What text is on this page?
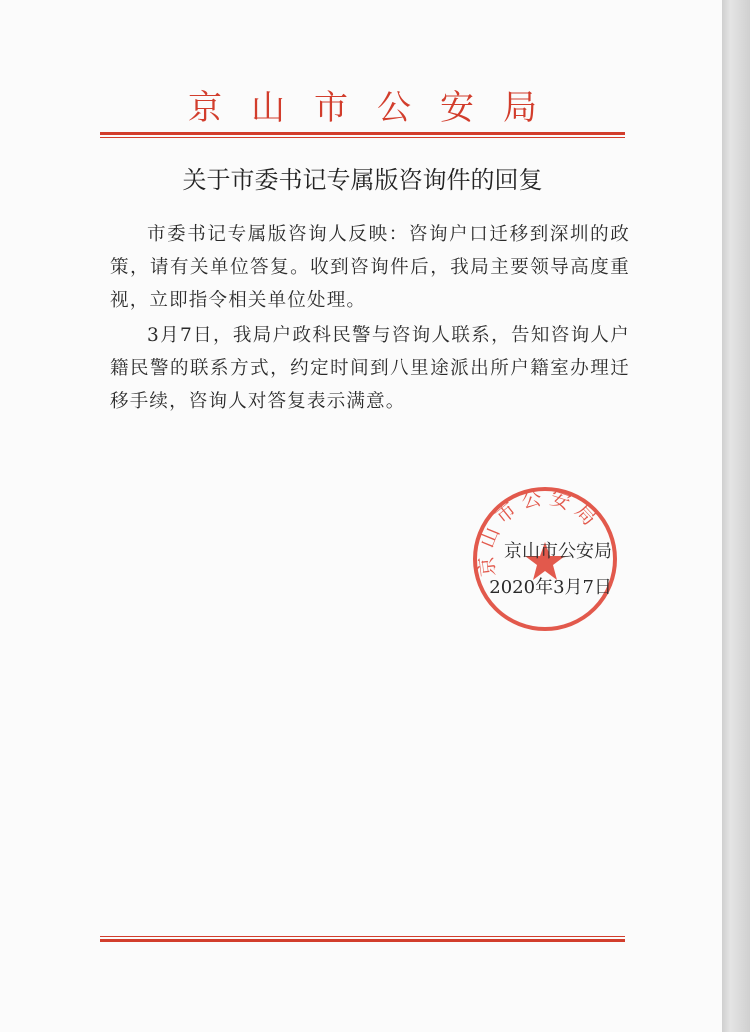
京山市公安局
关于市委书记专属版咨询件的回复

市委书记专属版咨询人反映：咨询户口迁移到深圳的政策，请有关单位答复。收到咨询件后，我局主要领导高度重视，立即指令相关单位处理。

3月7日，我局户政科民警与咨询人联系，告知咨询人户籍民警的联系方式，约定时间到八里途派出所户籍室办理迁移手续，咨询人对答复表示满意。

京山市公安局
京山市公安局
2020年3月7日
